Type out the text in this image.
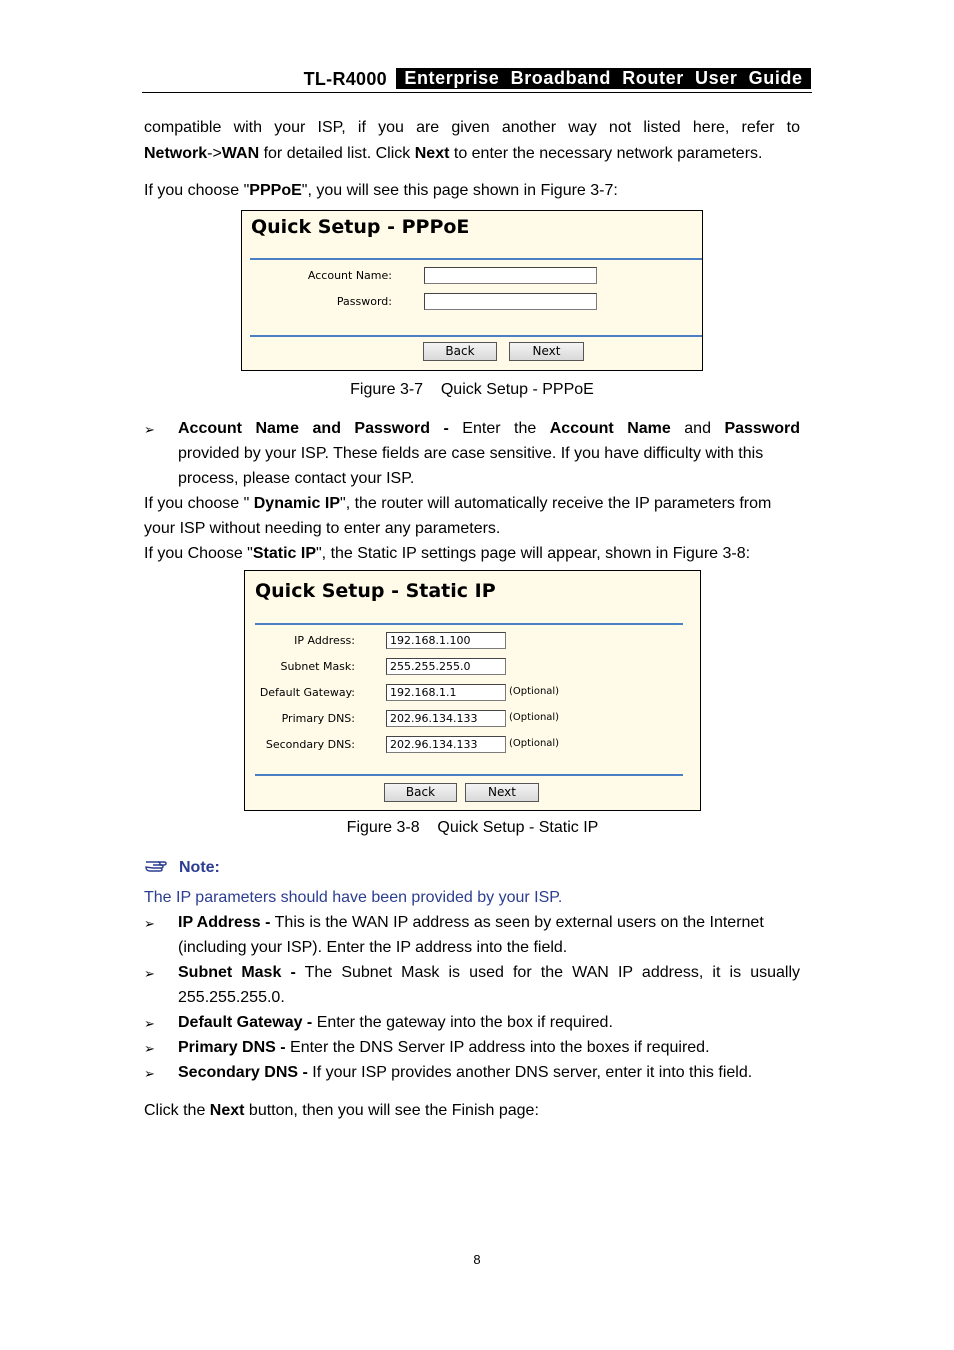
TL-R4000 Enterprise  Broadband  Router  User  Guide
compatible  with  your  ISP,  if  you  are  given  another  way  not  listed  here,  refer  to
Network->WAN for detailed list. Click Next to enter the necessary network parameters.
If you choose "PPPoE", you will see this page shown in Figure 3-7:
Quick Setup - PPPoE
Account Name:
Password:
Back	Next
Figure 3-7    Quick Setup - PPPoE
➢ Account  Name  and  Password  -  Enter  the  Account  Name  and  Password
provided by your ISP. These fields are case sensitive. If you have difficulty with this
process, please contact your ISP.
If you choose " Dynamic IP", the router will automatically receive the IP parameters from
your ISP without needing to enter any parameters.
If you Choose "Static IP", the Static IP settings page will appear, shown in Figure 3-8:
Quick Setup - Static IP
IP Address:
192.168.1.100
Subnet Mask:
255.255.255.0
Default Gateway:
192.168.1.1	(Optional)
Primary DNS:
202.96.134.133	(Optional)
Secondary DNS:
202.96.134.133	(Optional)
Back	Next
Figure 3-8    Quick Setup - Static IP
Note:
The IP parameters should have been provided by your ISP.
➢ IP Address - This is the WAN IP address as seen by external users on the Internet
(including your ISP). Enter the IP address into the field.
➢ Subnet  Mask  -  The  Subnet  Mask  is  used  for  the  WAN  IP  address,  it  is  usually
255.255.255.0.
➢ Default Gateway - Enter the gateway into the box if required.
➢ Primary DNS - Enter the DNS Server IP address into the boxes if required.
➢ Secondary DNS - If your ISP provides another DNS server, enter it into this field.
Click the Next button, then you will see the Finish page:
8
